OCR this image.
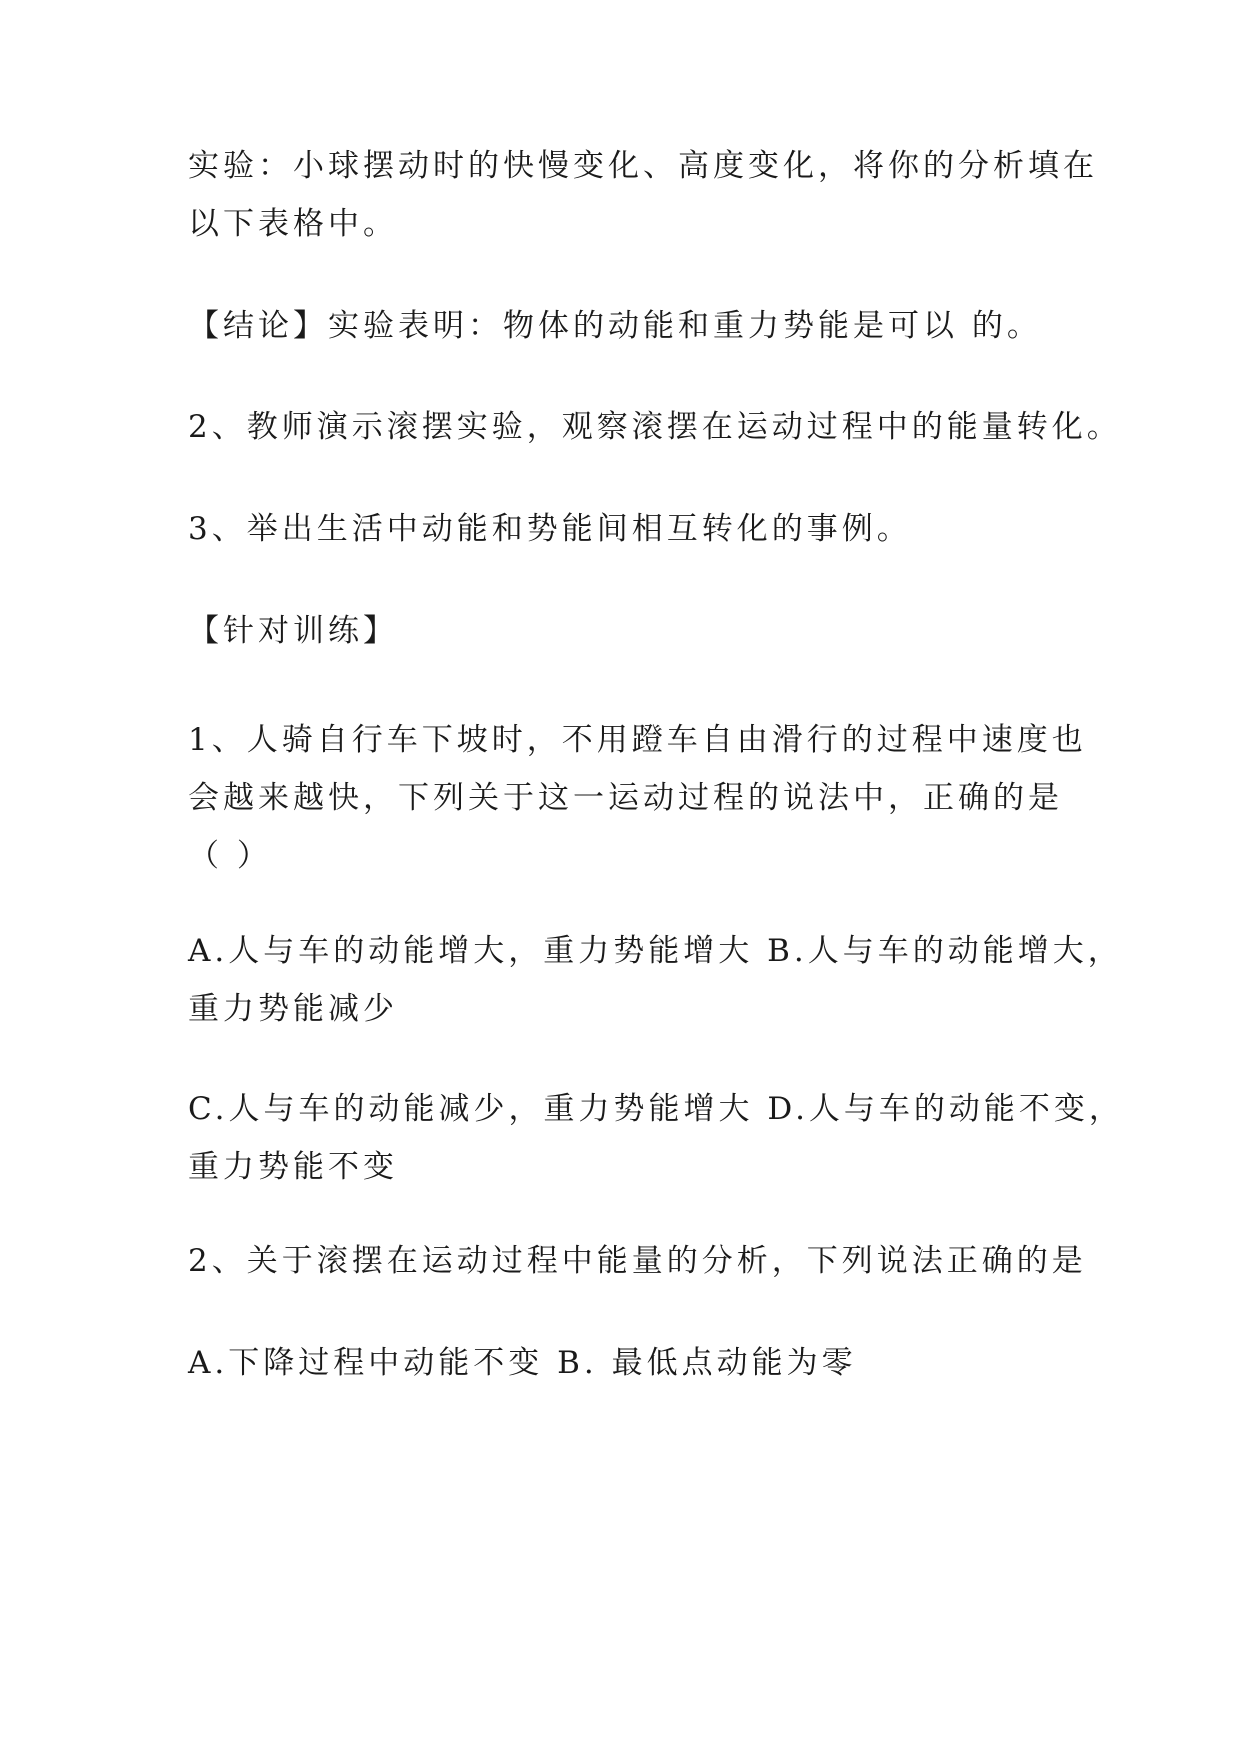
实验：小球摆动时的快慢变化、高度变化，将你的分析填在
以下表格中。

【结论】实验表明：物体的动能和重力势能是可以 的。

2、教师演示滚摆实验，观察滚摆在运动过程中的能量转化。

3、举出生活中动能和势能间相互转化的事例。

【针对训练】

1、人骑自行车下坡时，不用蹬车自由滑行的过程中速度也
会越来越快，下列关于这一运动过程的说法中，正确的是
（ ）

A.人与车的动能增大，重力势能增大 B.人与车的动能增大，
重力势能减少

C.人与车的动能减少，重力势能增大 D.人与车的动能不变，
重力势能不变

2、关于滚摆在运动过程中能量的分析，下列说法正确的是

A.下降过程中动能不变 B. 最低点动能为零
